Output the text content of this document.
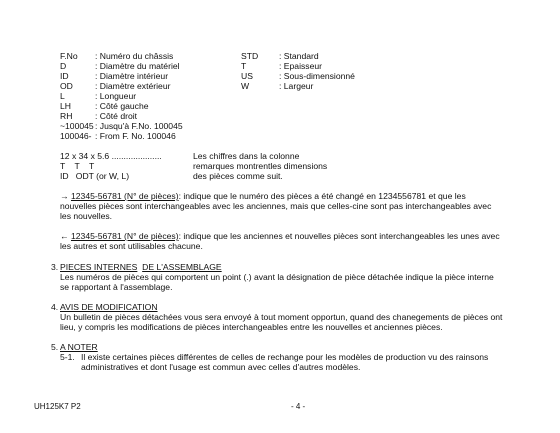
F.No : Numéro du châssis
D	: Diamètre du matériel
ID	: Diamètre intérieur
OD	: Diamètre extérieur
L	: Longueur
LH	: Côté gauche
RH	: Côté droit
~100045 : Jusqu'à F.No. 100045
100046- : From F. No. 100046
STD : Standard
T	: Epaisseur
US	: Sous-dimensionné
W	: Largeur
12 x 34 x 5.6 .....................	Les chiffres dans la colonne
T    T    T	remarques montrentles dimensions
ID   ODT (or W, L)	des pièces comme suit.
→ 12345-56781 (N° de pièces): indique que le numéro des pièces a été changé en 1234556781 et que les
nouvelles pièces sont interchangeables avec les anciennes, mais que celles-cine sont pas interchangeables avec
les nouvelles.
← 12345-56781 (N° de pièces): indique que les anciennes et nouvelles pièces sont interchangeables les unes avec
les autres et sont utilisables chacune.
3. PIECES INTERNES DE L'ASSEMBLAGE
Les numéros de pièces qui comportent un point (.) avant la désignation de pièce détachée indique la pièce interne
se rapportant à l'assemblage.
4. AVIS DE MODIFICATION
Un bulletin de pièces détachées vous sera envoyé à tout moment opportun, quand des chanegements de pièces ont
lieu, y compris les modifications de pièces interchangeables entre les nouvelles et anciennes pièces.
5. A NOTER
5-1. Il existe certaines pièces différentes de celles de rechange pour les modèles de production vu des rainsons
administratives et dont l'usage est commun avec celles d'autres modèles.
UH125K7 P2	- 4 -
